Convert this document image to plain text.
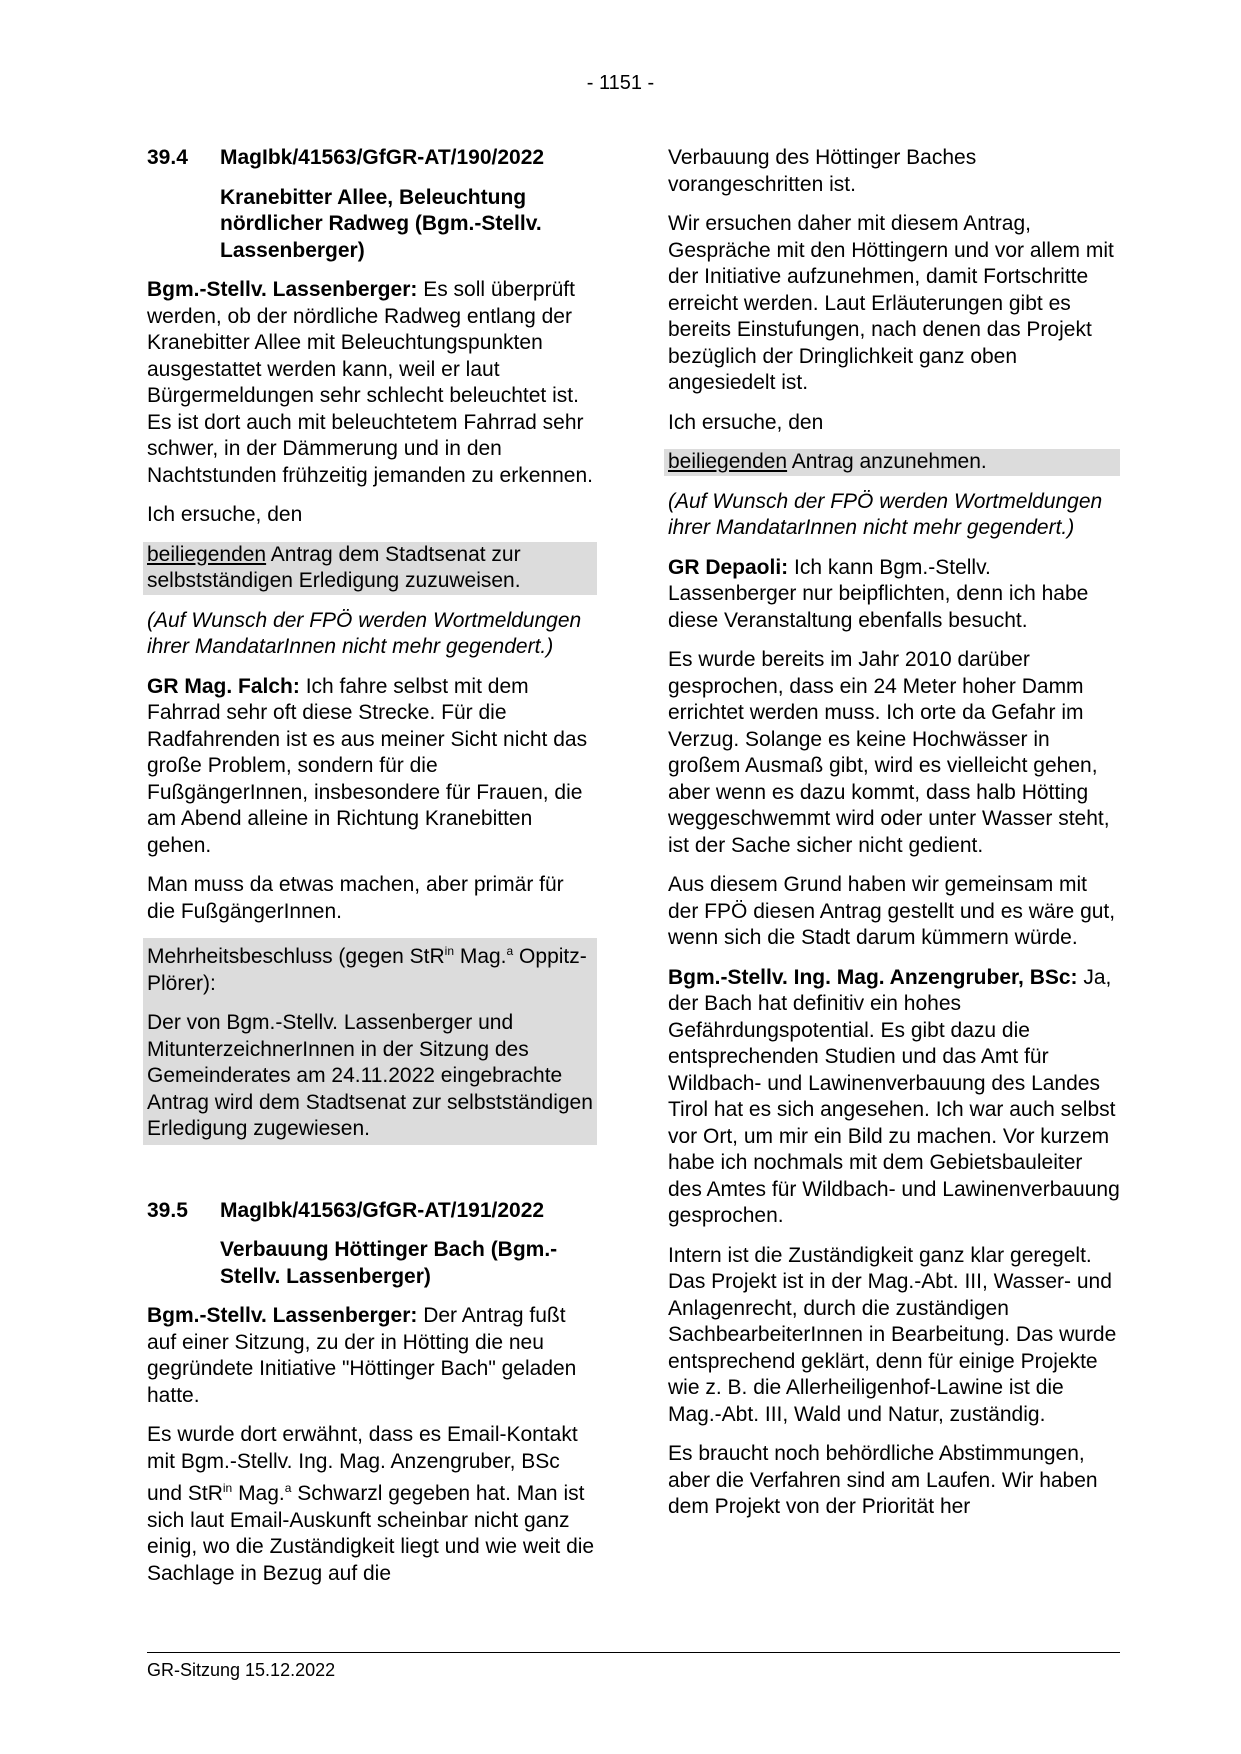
- 1151 -
39.4	MagIbk/41563/GfGR-AT/190/2022
Kranebitter Allee, Beleuchtung nördlicher Radweg (Bgm.-Stellv. Lassenberger)

Bgm.-Stellv. Lassenberger: Es soll überprüft werden, ob der nördliche Radweg entlang der Kranebitter Allee mit Beleuchtungspunkten ausgestattet werden kann, weil er laut Bürgermeldungen sehr schlecht beleuchtet ist. Es ist dort auch mit beleuchtetem Fahrrad sehr schwer, in der Dämmerung und in den Nachtstunden frühzeitig jemanden zu erkennen.

Ich ersuche, den

beiliegenden Antrag dem Stadtsenat zur selbstständigen Erledigung zuzuweisen.

(Auf Wunsch der FPÖ werden Wortmeldungen ihrer MandatarInnen nicht mehr gegendert.)

GR Mag. Falch: Ich fahre selbst mit dem Fahrrad sehr oft diese Strecke. Für die Radfahrenden ist es aus meiner Sicht nicht das große Problem, sondern für die FußgängerInnen, insbesondere für Frauen, die am Abend alleine in Richtung Kranebitten gehen.

Man muss da etwas machen, aber primär für die FußgängerInnen.

Mehrheitsbeschluss (gegen StR$^{in}$ Mag.$^a$ Oppitz-Plörer):

Der von Bgm.-Stellv. Lassenberger und MitunterzeichnerInnen in der Sitzung des Gemeinderates am 24.11.2022 eingebrachte Antrag wird dem Stadtsenat zur selbstständigen Erledigung zugewiesen.

39.5	MagIbk/41563/GfGR-AT/191/2022
Verbauung Höttinger Bach (Bgm.-Stellv. Lassenberger)

Bgm.-Stellv. Lassenberger: Der Antrag fußt auf einer Sitzung, zu der in Hötting die neu gegründete Initiative "Höttinger Bach" geladen hatte.

Es wurde dort erwähnt, dass es Email-Kontakt mit Bgm.-Stellv. Ing. Mag. Anzengruber, BSc und StR$^{in}$ Mag.$^a$ Schwarzl gegeben hat. Man ist sich laut Email-Auskunft scheinbar nicht ganz einig, wo die Zuständigkeit liegt und wie weit die Sachlage in Bezug auf die

Verbauung des Höttinger Baches vorangeschritten ist.

Wir ersuchen daher mit diesem Antrag, Gespräche mit den Höttingern und vor allem mit der Initiative aufzunehmen, damit Fortschritte erreicht werden. Laut Erläuterungen gibt es bereits Einstufungen, nach denen das Projekt bezüglich der Dringlichkeit ganz oben angesiedelt ist.

Ich ersuche, den

beiliegenden Antrag anzunehmen.

(Auf Wunsch der FPÖ werden Wortmeldungen ihrer MandatarInnen nicht mehr gegendert.)

GR Depaoli: Ich kann Bgm.-Stellv. Lassenberger nur beipflichten, denn ich habe diese Veranstaltung ebenfalls besucht.

Es wurde bereits im Jahr 2010 darüber gesprochen, dass ein 24 Meter hoher Damm errichtet werden muss. Ich orte da Gefahr im Verzug. Solange es keine Hochwässer in großem Ausmaß gibt, wird es vielleicht gehen, aber wenn es dazu kommt, dass halb Hötting weggeschwemmt wird oder unter Wasser steht, ist der Sache sicher nicht gedient.

Aus diesem Grund haben wir gemeinsam mit der FPÖ diesen Antrag gestellt und es wäre gut, wenn sich die Stadt darum kümmern würde.

Bgm.-Stellv. Ing. Mag. Anzengruber, BSc: Ja, der Bach hat definitiv ein hohes Gefährdungspotential. Es gibt dazu die entsprechenden Studien und das Amt für Wildbach- und Lawinenverbauung des Landes Tirol hat es sich angesehen. Ich war auch selbst vor Ort, um mir ein Bild zu machen. Vor kurzem habe ich nochmals mit dem Gebietsbauleiter des Amtes für Wildbach- und Lawinenverbauung gesprochen.

Intern ist die Zuständigkeit ganz klar geregelt. Das Projekt ist in der Mag.-Abt. III, Wasser- und Anlagenrecht, durch die zuständigen SachbearbeiterInnen in Bearbeitung. Das wurde entsprechend geklärt, denn für einige Projekte wie z. B. die Allerheiligenhof-Lawine ist die Mag.-Abt. III, Wald und Natur, zuständig.

Es braucht noch behördliche Abstimmungen, aber die Verfahren sind am Laufen. Wir haben dem Projekt von der Priorität her

GR-Sitzung 15.12.2022
